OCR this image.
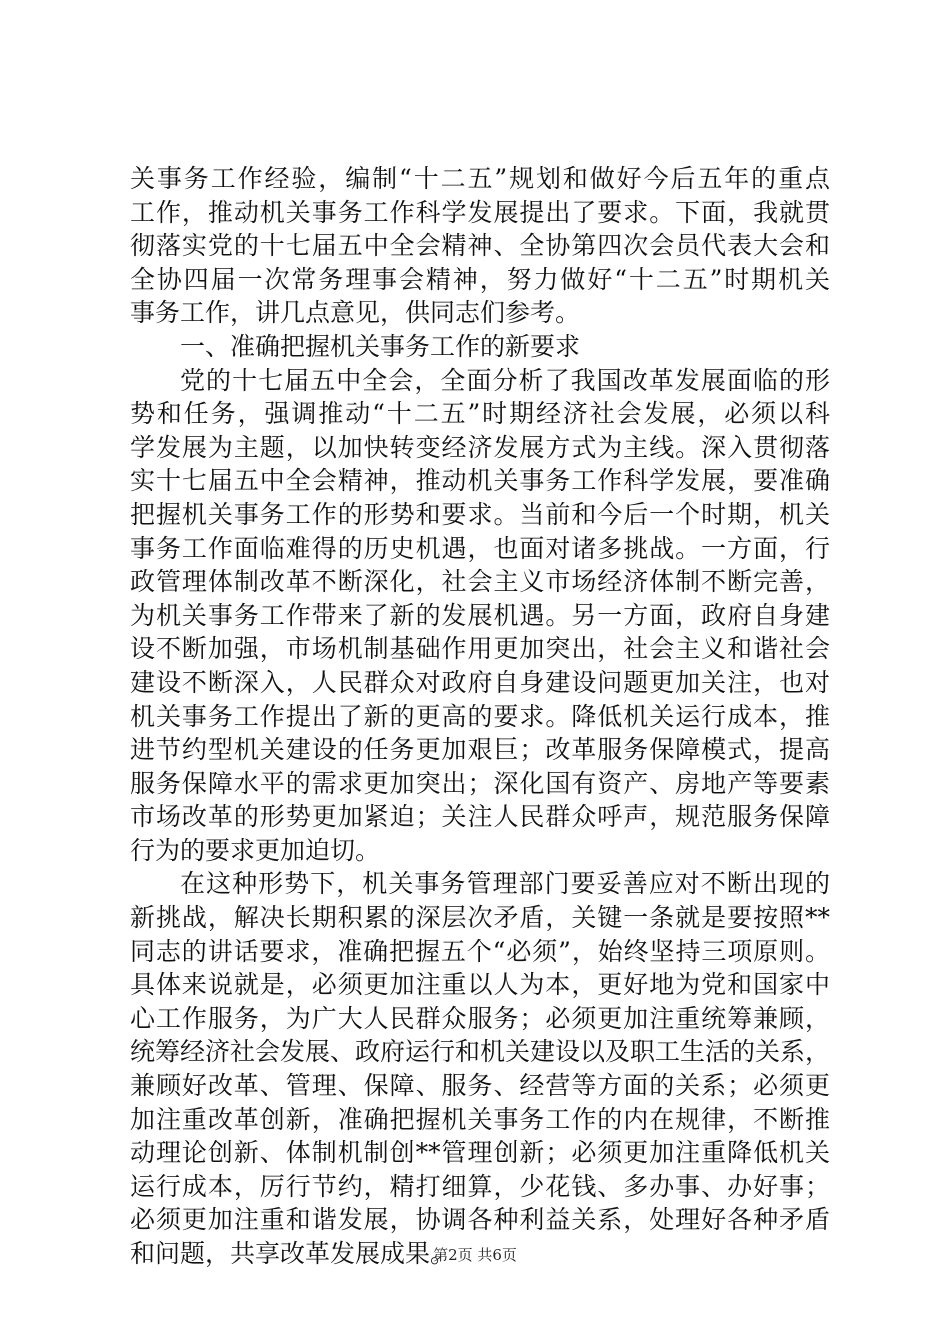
关事务工作经验，编制“十二五”规划和做好今后五年的重点
工作，推动机关事务工作科学发展提出了要求。下面，我就贯
彻落实党的十七届五中全会精神、全协第四次会员代表大会和
全协四届一次常务理事会精神，努力做好“十二五”时期机关
事务工作，讲几点意见，供同志们参考。
一、准确把握机关事务工作的新要求
党的十七届五中全会，全面分析了我国改革发展面临的形
势和任务，强调推动“十二五”时期经济社会发展，必须以科
学发展为主题，以加快转变经济发展方式为主线。深入贯彻落
实十七届五中全会精神，推动机关事务工作科学发展，要准确
把握机关事务工作的形势和要求。当前和今后一个时期，机关
事务工作面临难得的历史机遇，也面对诸多挑战。一方面，行
政管理体制改革不断深化，社会主义市场经济体制不断完善，
为机关事务工作带来了新的发展机遇。另一方面，政府自身建
设不断加强，市场机制基础作用更加突出，社会主义和谐社会
建设不断深入，人民群众对政府自身建设问题更加关注，也对
机关事务工作提出了新的更高的要求。降低机关运行成本，推
进节约型机关建设的任务更加艰巨；改革服务保障模式，提高
服务保障水平的需求更加突出；深化国有资产、房地产等要素
市场改革的形势更加紧迫；关注人民群众呼声，规范服务保障
行为的要求更加迫切。
在这种形势下，机关事务管理部门要妥善应对不断出现的
新挑战，解决长期积累的深层次矛盾，关键一条就是要按照**
同志的讲话要求，准确把握五个“必须”，始终坚持三项原则。
具体来说就是，必须更加注重以人为本，更好地为党和国家中
心工作服务，为广大人民群众服务；必须更加注重统筹兼顾，
统筹经济社会发展、政府运行和机关建设以及职工生活的关系，
兼顾好改革、管理、保障、服务、经营等方面的关系；必须更
加注重改革创新，准确把握机关事务工作的内在规律，不断推
动理论创新、体制机制创**管理创新；必须更加注重降低机关
运行成本，厉行节约，精打细算，少花钱、多办事、办好事；
必须更加注重和谐发展，协调各种利益关系，处理好各种矛盾
和问题，共享改革发展成果。
第2页 共6页
